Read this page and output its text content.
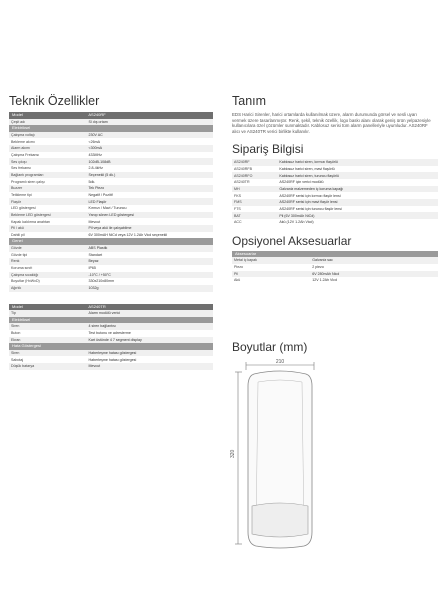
Teknik Özellikler
Model	AS240RF
Çeşit adı	Sl dış ortam
Elektriksel
Çalışma voltajı	230V AC
Bekleme akımı	<26mA
Alarm akımı	<300mA
Çalışma Frekansı	433MHz
Ses çıkışı	102dB-108dB
Ses frekansı	2.8-4kHz
Bağlantı programları	Seçenekli (5 dk.)
Programlı siren çalışı	5dk.
Buzzer	Tek Piezo
Tetikleme tipi	Negatif / Pozitif
Flaşör	LED Flaşör
LED göstergesi	Kırmızı / Mavi / Turuncu
Bekleme LED göstergesi	Yanıp sönen LED göstergesi
Kapak kaldırma anahtarı	Mevcut
Pil / akü	Pil veya akü ile çalışabilme
Dahili pil	6V 300mAH NiCd veya 12V 1.2Ah Vicd seçenekli
Genel
Gövde	ABS Plastik
Gövde tipi	Standart
Renk	Beyaz
Koruma sınıfı	IP65
Çalışma sıcaklığı	-10°C / +50°C
Boyutlar (HxWxD)	330x210x80mm
Ağırlık	1032g
Model	AS240TR
Tip	Alarm modülü verici
Elektriksel
Siren	4 siren bağlantısı
Buton	Test butonu ve adreslerme
Ekran	Kart üstünde 4 7 segment display
Hata Göstergesi
Siren	Haberleşme hatası göstergesi
Sabotaj	Haberleşme hatası göstergesi
Düşük batarya	Mevcut
Tanım
EDS Harici Sirenler, harici ortamlarda kullanılmak üzere, alarm durumunda görsel ve sesli uyarı vermek üzere tasarlanmıştır. Renk, şekil, teknik özellik, logo baskı alanı olarak geniş ürün yelpazesiyle kullanıcılara özel çözümler sunmaktadır. Kablosuz serisi tüm alarm panelleriyle uyumludur. AS240RF alıcı ve AS240TR verici birlikte kullanılır.
Sipariş Bilgisi
AS240RF	Kablosuz harici siren, kırmızı flaşörlü
AS240RFB	Kablosuz harici siren, mavi flaşörlü
AS240RFO	Kablosuz harici siren, turuncu flaşörlü
AS240TR	AS240RF için verici modülü
MH	Galvaniz malzemeden iç koruma kapağı
FKS	AS240RF serisi için kırmızı flaşör lensi
FMS	AS240RF serisi için mavi flaşör lensi
FTS	AS240RF serisi için turuncu flaşör lensi
BAT	Pil (6V 300mAh NiCd)
ACC	Akü (12V 1.2Ah Vicd)
Opsiyonel Aksesuarlar
Aksesuarlar
Metal iç kapak	Galvaniz sac
Piezo	2 piezo
Pil	6V 280mAh Nicd
Akü	12V 1.2Ah Vicd
Boyutlar (mm)
210
320
